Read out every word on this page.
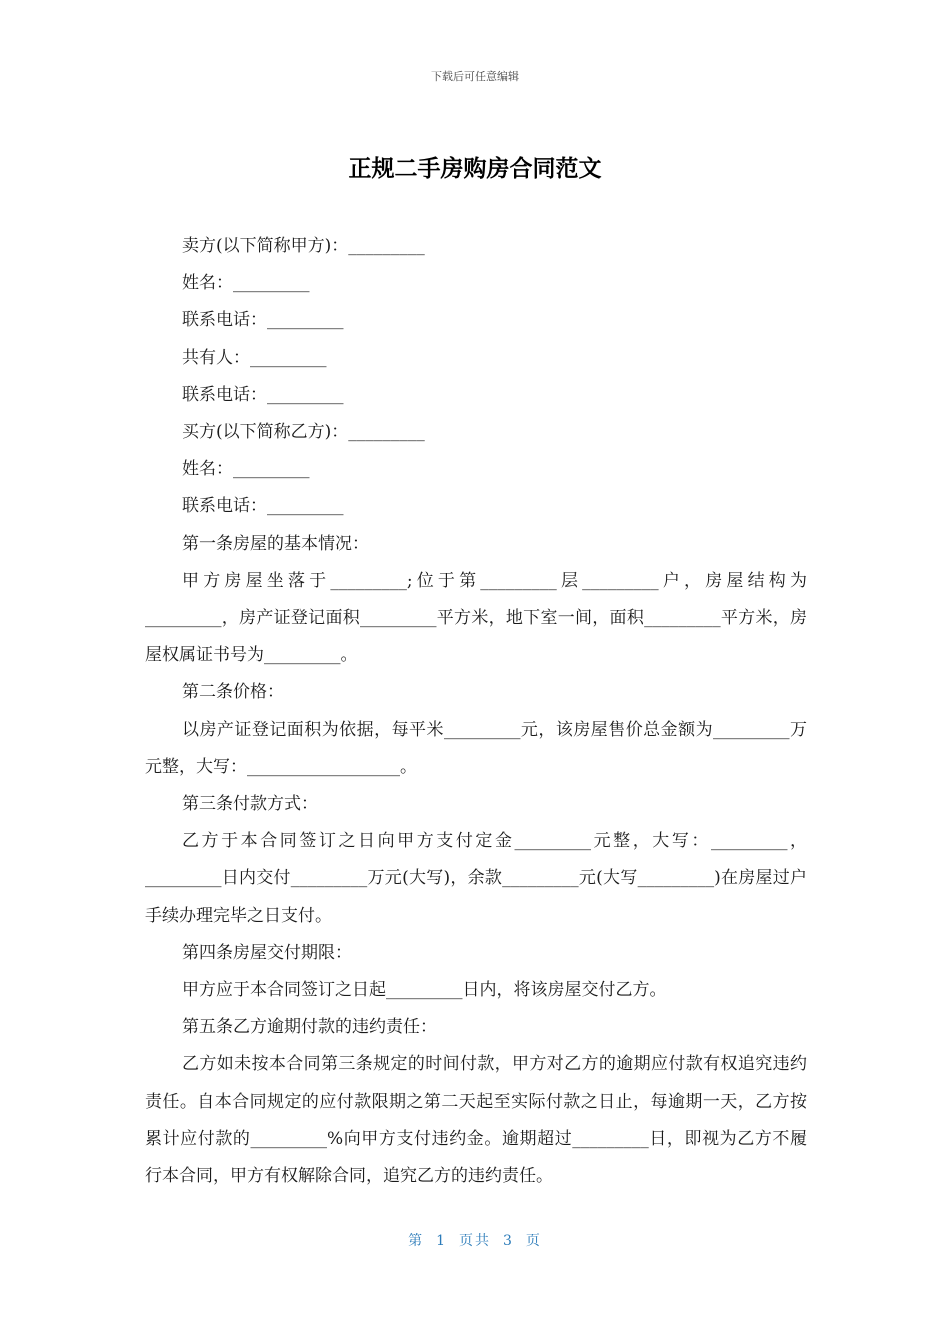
下载后可任意编辑
正规二手房购房合同范文

卖方(以下简称甲方)：_________

姓名：_________

联系电话：_________

共有人：_________

联系电话：_________

买方(以下简称乙方)：_________

姓名：_________

联系电话：_________

第一条房屋的基本情况：

甲方房屋坐落于_________;位于第_________层_________户，房屋结构为_________，房产证登记面积_________平方米，地下室一间，面积_________平方米，房屋权属证书号为_________。

第二条价格：

以房产证登记面积为依据，每平米_________元，该房屋售价总金额为_________万元整，大写：__________________。

第三条付款方式：

乙方于本合同签订之日向甲方支付定金_________元整，大写：_________，_________日内交付_________万元(大写)，余款_________元(大写_________)在房屋过户手续办理完毕之日支付。

第四条房屋交付期限：

甲方应于本合同签订之日起_________日内，将该房屋交付乙方。

第五条乙方逾期付款的违约责任：

乙方如未按本合同第三条规定的时间付款，甲方对乙方的逾期应付款有权追究违约责任。自本合同规定的应付款限期之第二天起至实际付款之日止，每逾期一天，乙方按累计应付款的_________%向甲方支付违约金。逾期超过_________日，即视为乙方不履行本合同，甲方有权解除合同，追究乙方的违约责任。

第 1 页共 3 页
